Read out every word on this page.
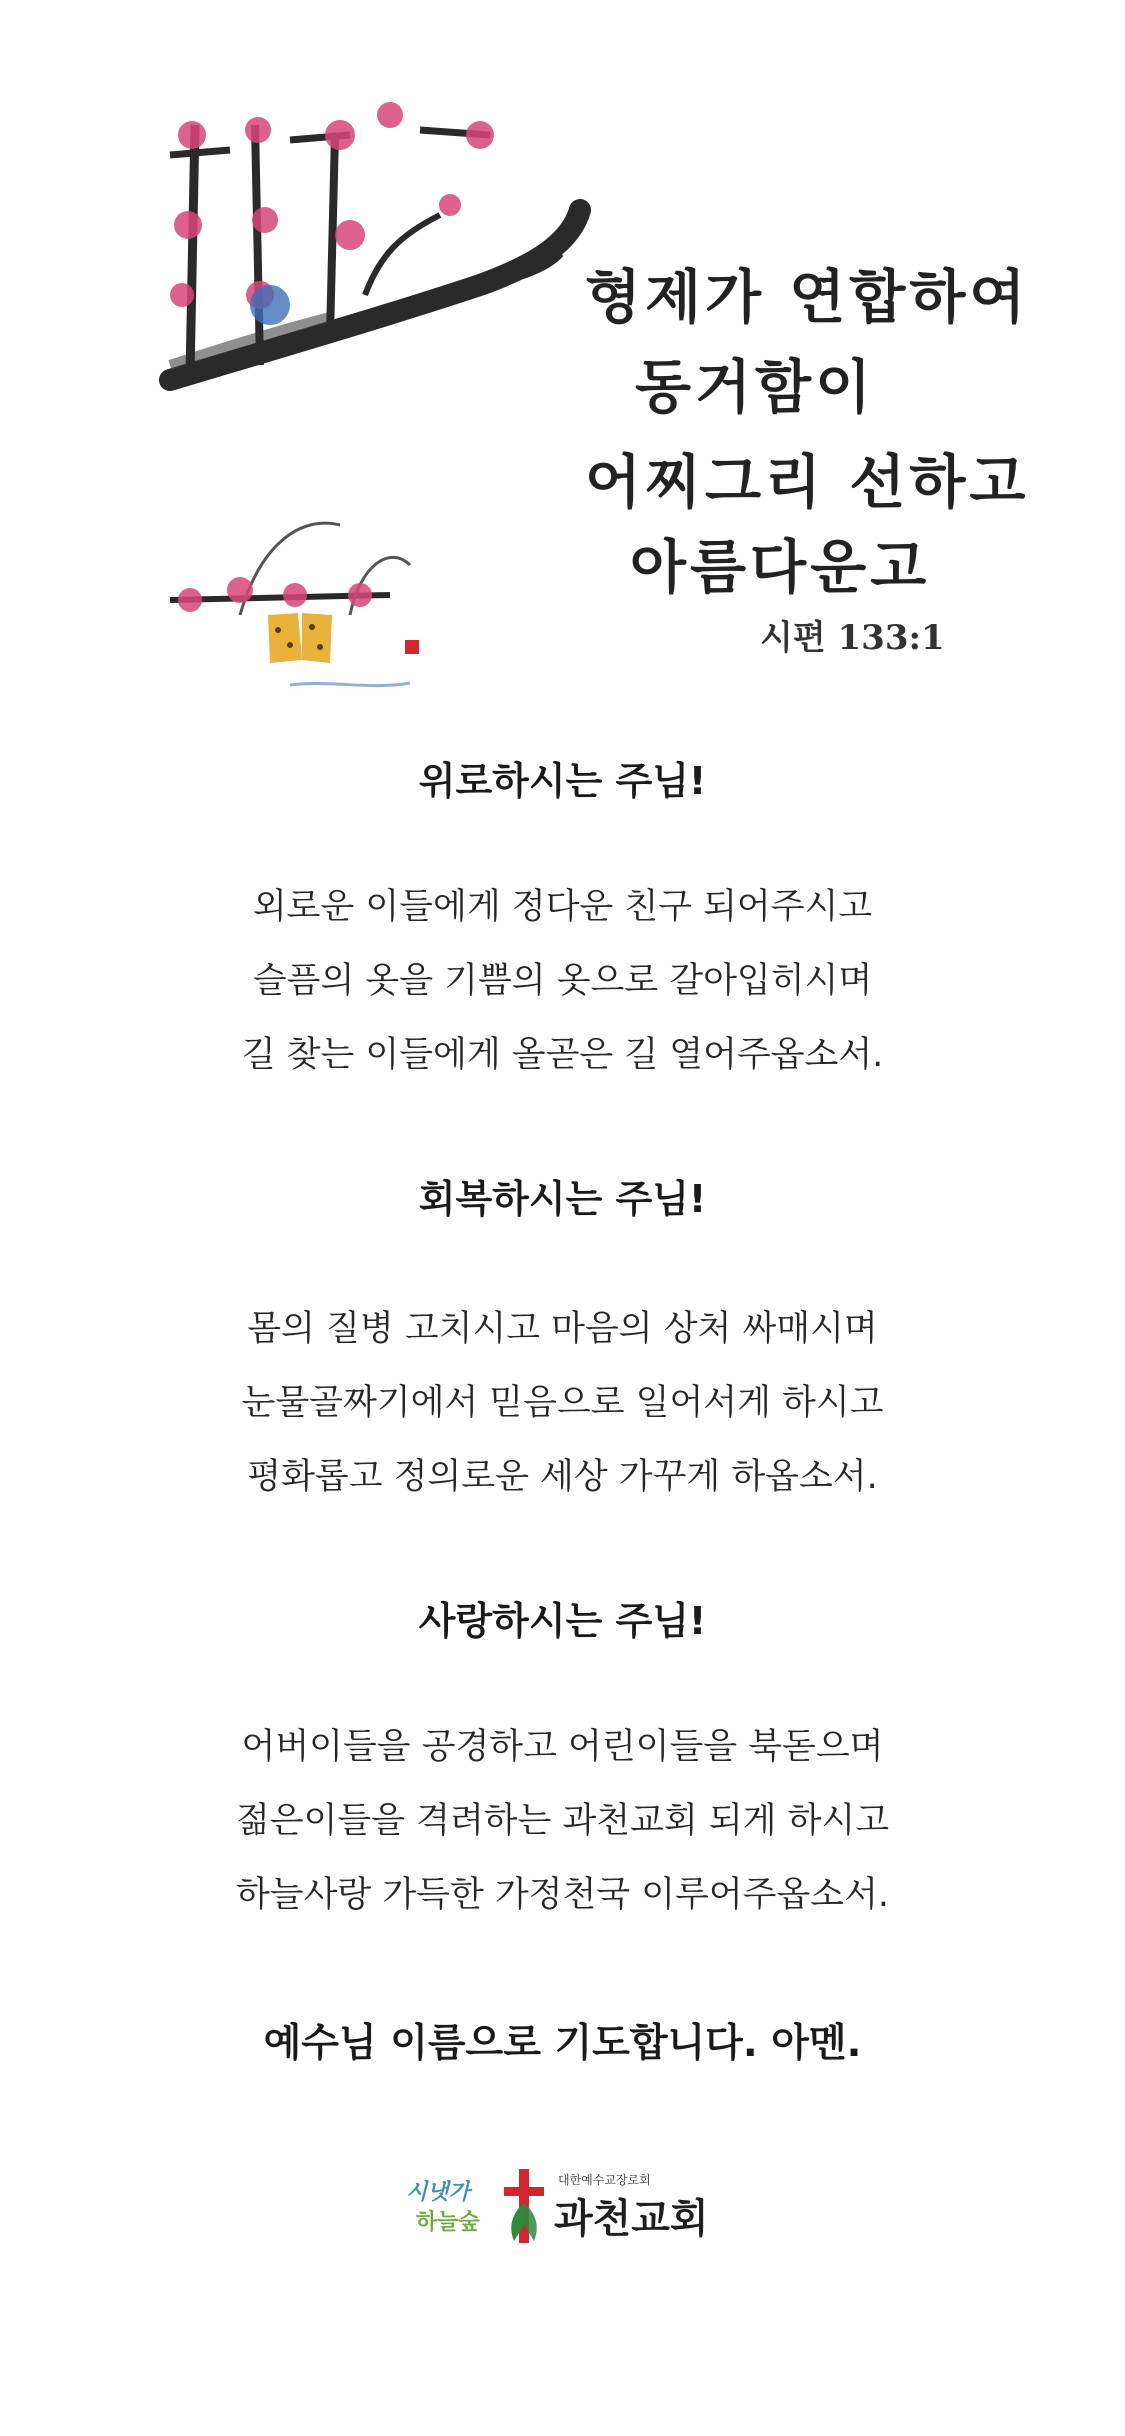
형제가 연합하여
동거함이
어찌그리 선하고
아름다운고
시편 133:1

위로하시는 주님!

외로운 이들에게 정다운 친구 되어주시고

슬픔의 옷을 기쁨의 옷으로 갈아입히시며

길 찾는 이들에게 올곧은 길 열어주옵소서.

회복하시는 주님!

몸의 질병 고치시고 마음의 상처 싸매시며

눈물골짜기에서 믿음으로 일어서게 하시고

평화롭고 정의로운 세상 가꾸게 하옵소서.

사랑하시는 주님!

어버이들을 공경하고 어린이들을 북돋으며

젊은이들을 격려하는 과천교회 되게 하시고

하늘사랑 가득한 가정천국 이루어주옵소서.

예수님 이름으로 기도합니다. 아멘.

시냇가
하늘숲
대한예수교장로회
과천교회
